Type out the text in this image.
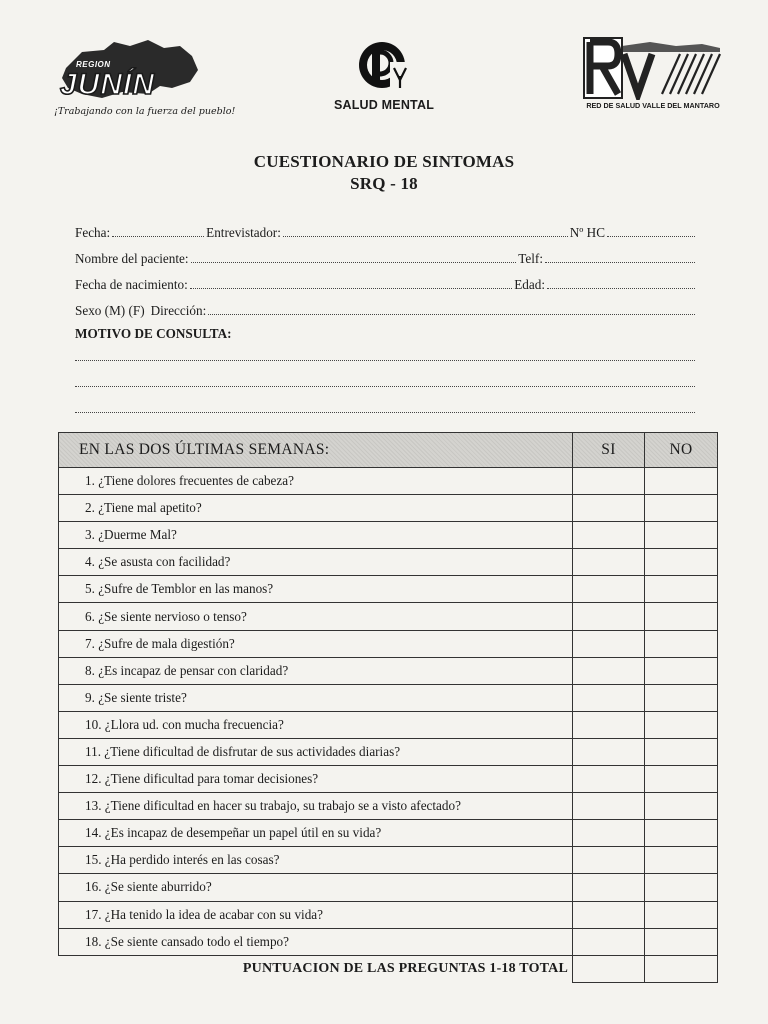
REGION
JUNÍN
¡Trabajando con la fuerza del pueblo!	SALUD MENTAL	RED DE SALUD VALLE DEL MANTARO
CUESTIONARIO DE SINTOMAS
SRQ - 18
Fecha:	Entrevistador:	Nº HC
Nombre del paciente:	Telf:
Fecha de nacimiento:	Edad:
Sexo (M) (F) Dirección:
MOTIVO DE CONSULTA:
EN LAS DOS ÚLTIMAS SEMANAS:	SI	NO
1. ¿Tiene dolores frecuentes de cabeza?		
2. ¿Tiene mal apetito?		
3. ¿Duerme Mal?		
4. ¿Se asusta con facilidad?		
5. ¿Sufre de Temblor en las manos?		
6. ¿Se siente nervioso o tenso?		
7. ¿Sufre de mala digestión?		
8. ¿Es incapaz de pensar con claridad?		
9. ¿Se siente triste?		
10. ¿Llora ud. con mucha frecuencia?		
11. ¿Tiene dificultad de disfrutar de sus actividades diarias?		
12. ¿Tiene dificultad para tomar decisiones?		
13. ¿Tiene dificultad en hacer su trabajo, su trabajo se a visto afectado?		
14. ¿Es incapaz de desempeñar un papel útil en su vida?		
15. ¿Ha perdido interés en las cosas?		
16. ¿Se siente aburrido?		
17. ¿Ha tenido la idea de acabar con su vida?		
18. ¿Se siente cansado todo el tiempo?		
PUNTUACION DE LAS PREGUNTAS 1-18 TOTAL		
